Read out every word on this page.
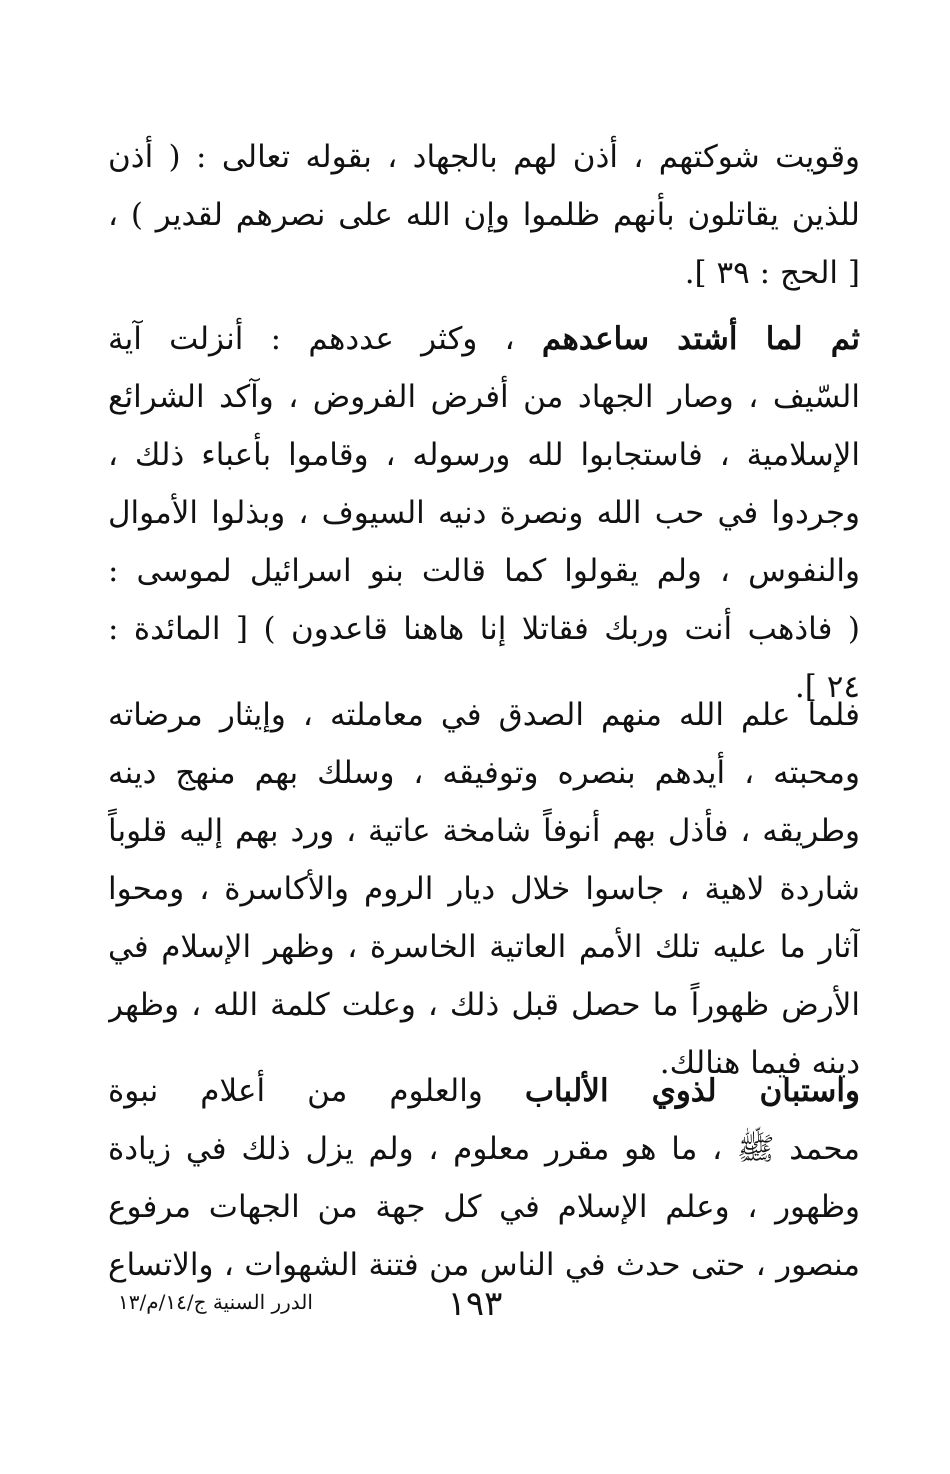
وقويت شوكتهم ، أذن لهم بالجهاد ، بقوله تعالى : ( أذن
للذين يقاتلون بأنهم ظلموا وإن الله على نصرهم لقدير ) ،
[ الحج : ٣٩ ].
ثم لما أشتد ساعدهم ، وكثر عددهم : أنزلت آية
السّيف ، وصار الجهاد من أفرض الفروض ، وآكد الشرائع
الإسلامية ، فاستجابوا لله ورسوله ، وقاموا بأعباء ذلك ،
وجردوا في حب الله ونصرة دنيه السيوف ، وبذلوا الأموال
والنفوس ، ولم يقولوا كما قالت بنو اسرائيل لموسى :
( فاذهب أنت وربك فقاتلا إنا هاهنا قاعدون ) [ المائدة :
٢٤ ].
فلما علم الله منهم الصدق في معاملته ، وإيثار مرضاته
ومحبته ، أيدهم بنصره وتوفيقه ، وسلك بهم منهج دينه
وطريقه ، فأذل بهم أنوفاً شامخة عاتية ، ورد بهم إليه قلوباً
شاردة لاهية ، جاسوا خلال ديار الروم والأكاسرة ، ومحوا
آثار ما عليه تلك الأمم العاتية الخاسرة ، وظهر الإسلام في
الأرض ظهوراً ما حصل قبل ذلك ، وعلت كلمة الله ، وظهر
دينه فيما هنالك.
واستبان لذوي الألباب والعلوم من أعلام نبوة
محمد ﷺ ، ما هو مقرر معلوم ، ولم يزل ذلك في زيادة
وظهور ، وعلم الإسلام في كل جهة من الجهات مرفوع
منصور ، حتى حدث في الناس من فتنة الشهوات ، والاتساع
الدرر السنية ج/١٤/م/١٣	١٩٣
